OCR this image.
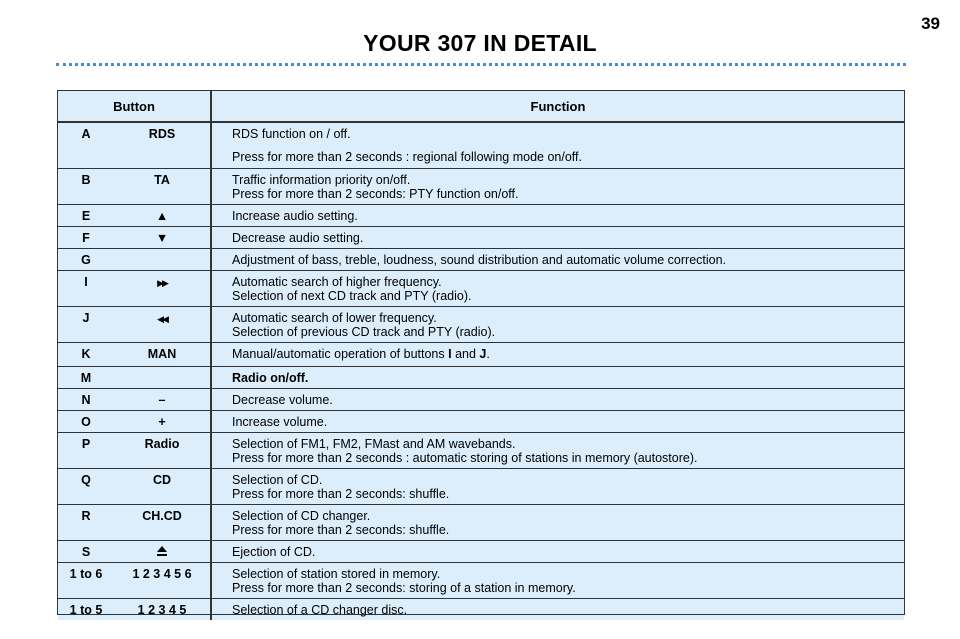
39
YOUR 307 IN DETAIL
Button		Function
A	RDS	RDS function on / off.
Press for more than 2 seconds : regional following mode on/off.

B	TA	Traffic information priority on/off.
Press for more than 2 seconds: PTY function on/off.

E	▲	Increase audio setting.

F	▼	Decrease audio setting.

G		Adjustment of bass, treble, loudness, sound distribution and automatic volume correction.

I	▶▶	Automatic search of higher frequency.
Selection of next CD track and PTY (radio).

J	◀◀	Automatic search of lower frequency.
Selection of previous CD track and PTY (radio).

K	MAN	Manual/automatic operation of buttons I and J.

M		Radio on/off.

N	–	Decrease volume.

O	+	Increase volume.

P	Radio	Selection of FM1, FM2, FMast and AM wavebands.
Press for more than 2 seconds : automatic storing of stations in memory (autostore).

Q	CD	Selection of CD.
Press for more than 2 seconds: shuffle.

R	CH.CD	Selection of CD changer.
Press for more than 2 seconds: shuffle.

S		Ejection of CD.

1 to 6	1 2 3 4 5 6	Selection of station stored in memory.
Press for more than 2 seconds: storing of a station in memory.

1 to 5	1 2 3 4 5	Selection of a CD changer disc.
